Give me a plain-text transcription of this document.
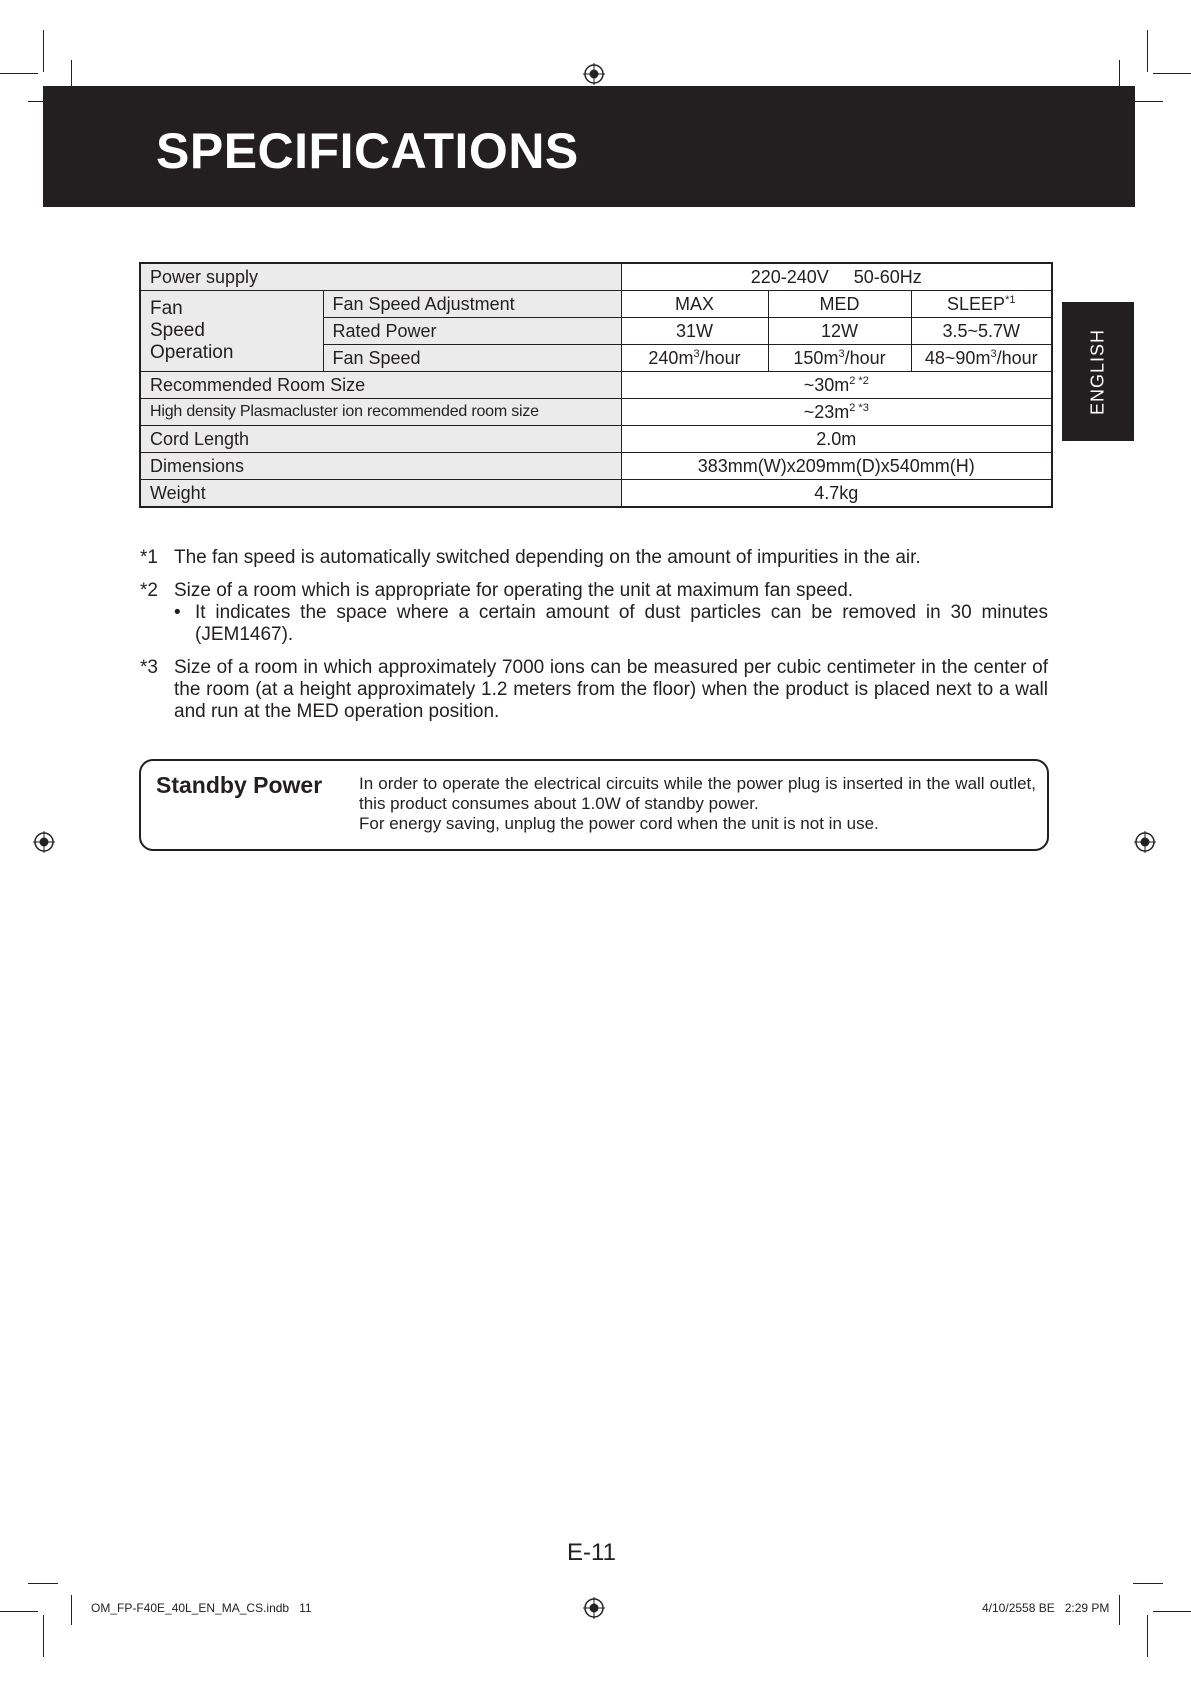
SPECIFICATIONS
ENGLISH
Power supply		220-240V     50-60Hz		

Fan
Speed
Operation	Fan Speed Adjustment	MAX	MED	SLEEP$^{*1}$
	Rated Power	31W	12W	3.5~5.7W
	Fan Speed	$240m^3$/hour	$150m^3$/hour	$48\sim 90m^3$/hour
Recommended Room Size		$\sim 30m^{2 *2}$
High density Plasmacluster ion recommended room size		$\sim 23m^{2 *3}$
Cord Length		2.0m		
Dimensions		383mm(W)x209mm(D)x540mm(H)		
Weight		4.7kg		
*1 The fan speed is automatically switched depending on the amount of impurities in the air.
*2 Size of a room which is appropriate for operating the unit at maximum fan speed.
• It indicates the space where a certain amount of dust particles can be removed in 30 minutes (JEM1467).
*3 Size of a room in which approximately 7000 ions can be measured per cubic centimeter in the center of the room (at a height approximately 1.2 meters from the floor) when the product is placed next to a wall and run at the MED operation position.
Standby Power In order to operate the electrical circuits while the power plug is inserted in the wall outlet, this product consumes about 1.0W of standby power.
For energy saving, unplug the power cord when the unit is not in use.
E-11
OM_FP-F40E_40L_EN_MA_CS.indb   11	4/10/2558 BE   2:29 PM
